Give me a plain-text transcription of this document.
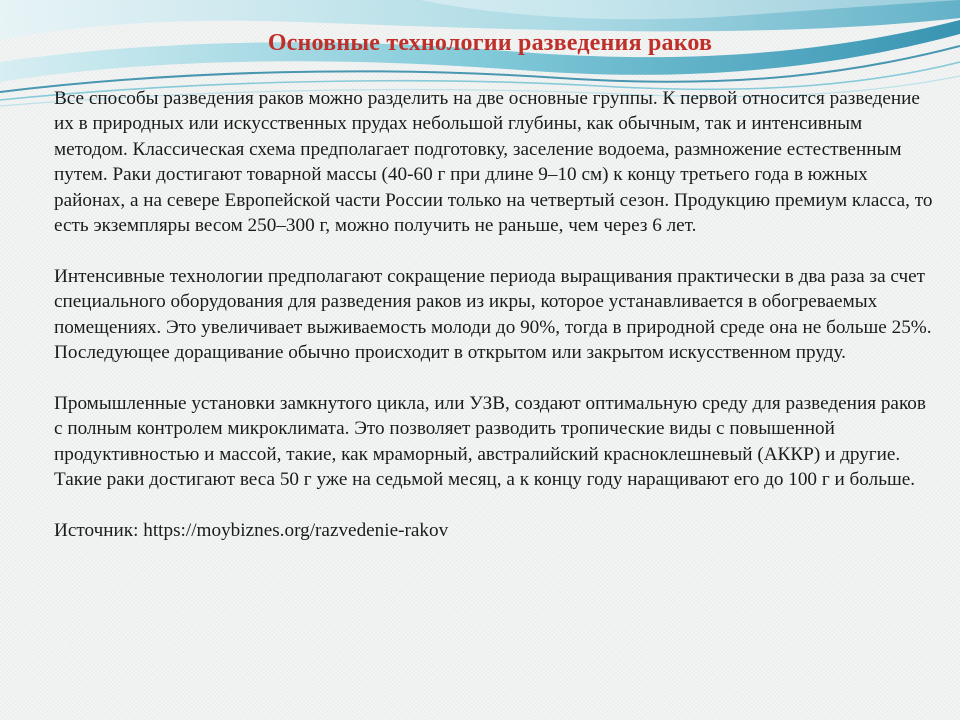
Основные технологии разведения раков

Все способы разведения раков можно разделить на две основные группы. К первой относится разведение их в природных или искусственных прудах небольшой глубины, как обычным, так и интенсивным методом. Классическая схема предполагает подготовку, заселение водоема, размножение естественным путем. Раки достигают товарной массы (40-60 г при длине 9–10 см) к концу третьего года в южных районах, а на севере Европейской части России только на четвертый сезон. Продукцию премиум класса, то есть экземпляры весом 250–300 г, можно получить не раньше, чем через 6 лет.

Интенсивные технологии предполагают сокращение периода выращивания практически в два раза за счет специального оборудования для разведения раков из икры, которое устанавливается в обогреваемых помещениях. Это увеличивает выживаемость молоди до 90%, тогда в природной среде она не больше 25%. Последующее доращивание обычно происходит в открытом или закрытом искусственном пруду.

Промышленные установки замкнутого цикла, или УЗВ, создают оптимальную среду для разведения раков с полным контролем микроклимата. Это позволяет разводить тропические виды с повышенной продуктивностью и массой, такие, как мраморный, австралийский красноклешневый (АККР) и другие. Такие раки достигают веса 50 г уже на седьмой месяц, а к концу году наращивают его до 100 г и больше.

Источник: https://moybiznes.org/razvedenie-rakov
